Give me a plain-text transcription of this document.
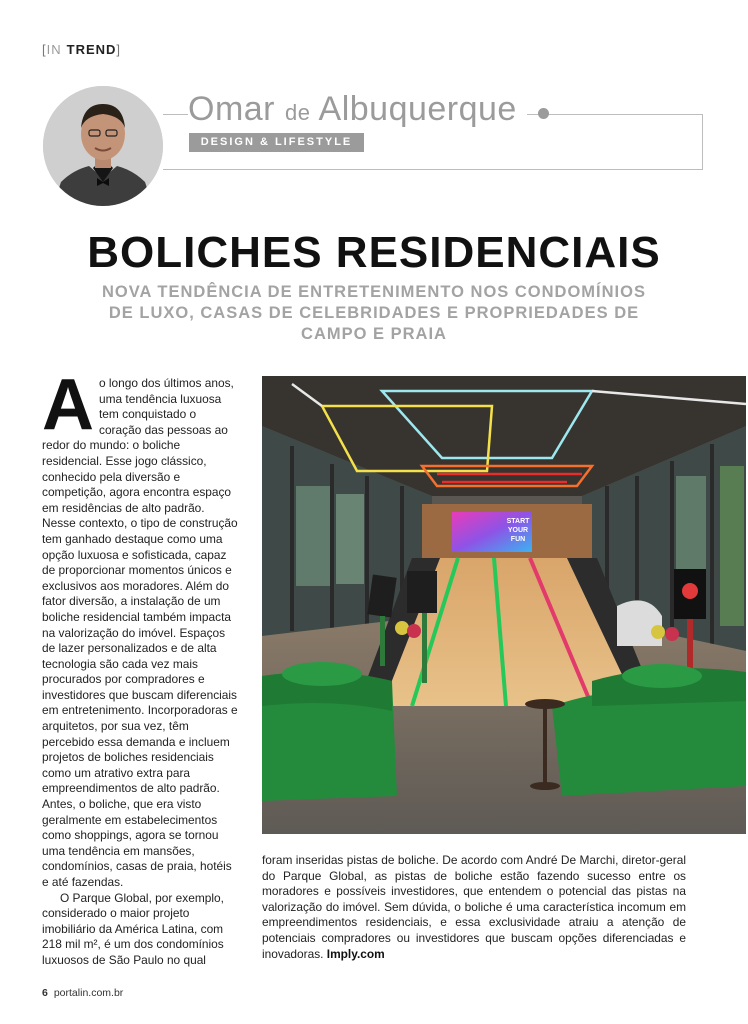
[IN TREND]
Omar de Albuquerque
DESIGN & LIFESTYLE
BOLICHES RESIDENCIAIS
NOVA TENDÊNCIA DE ENTRETENIMENTO NOS CONDOMÍNIOS DE LUXO, CASAS DE CELEBRIDADES E PROPRIEDADES DE CAMPO E PRAIA

Ao longo dos últimos anos, uma tendência luxuosa tem conquistado o coração das pessoas ao redor do mundo: o boliche residencial. Esse jogo clássico, conhecido pela diversão e competição, agora encontra espaço em residências de alto padrão. Nesse contexto, o tipo de construção tem ganhado destaque como uma opção luxuosa e sofisticada, capaz de proporcionar momentos únicos e exclusivos aos moradores. Além do fator diversão, a instalação de um boliche residencial também impacta na valorização do imóvel. Espaços de lazer personalizados e de alta tecnologia são cada vez mais procurados por compradores e investidores que buscam diferenciais em entretenimento. Incorporadoras e arquitetos, por sua vez, têm percebido essa demanda e incluem projetos de boliches residenciais como um atrativo extra para empreendimentos de alto padrão. Antes, o boliche, que era visto geralmente em estabelecimentos como shoppings, agora se tornou uma tendência em mansões, condomínios, casas de praia, hotéis e até fazendas.

O Parque Global, por exemplo, considerado o maior projeto imobiliário da América Latina, com 218 mil m², é um dos condomínios luxuosos de São Paulo no qual

START
YOUR
FUN

foram inseridas pistas de boliche. De acordo com André De Marchi, diretor-geral do Parque Global, as pistas de boliche estão fazendo sucesso entre os moradores e possíveis investidores, que entendem o potencial das pistas na valorização do imóvel. Sem dúvida, o boliche é uma característica incomum em empreendimentos residenciais, e essa exclusividade atraiu a atenção de potenciais compradores ou investidores que buscam opções diferenciadas e inovadoras. Imply.com

6 portalin.com.br
